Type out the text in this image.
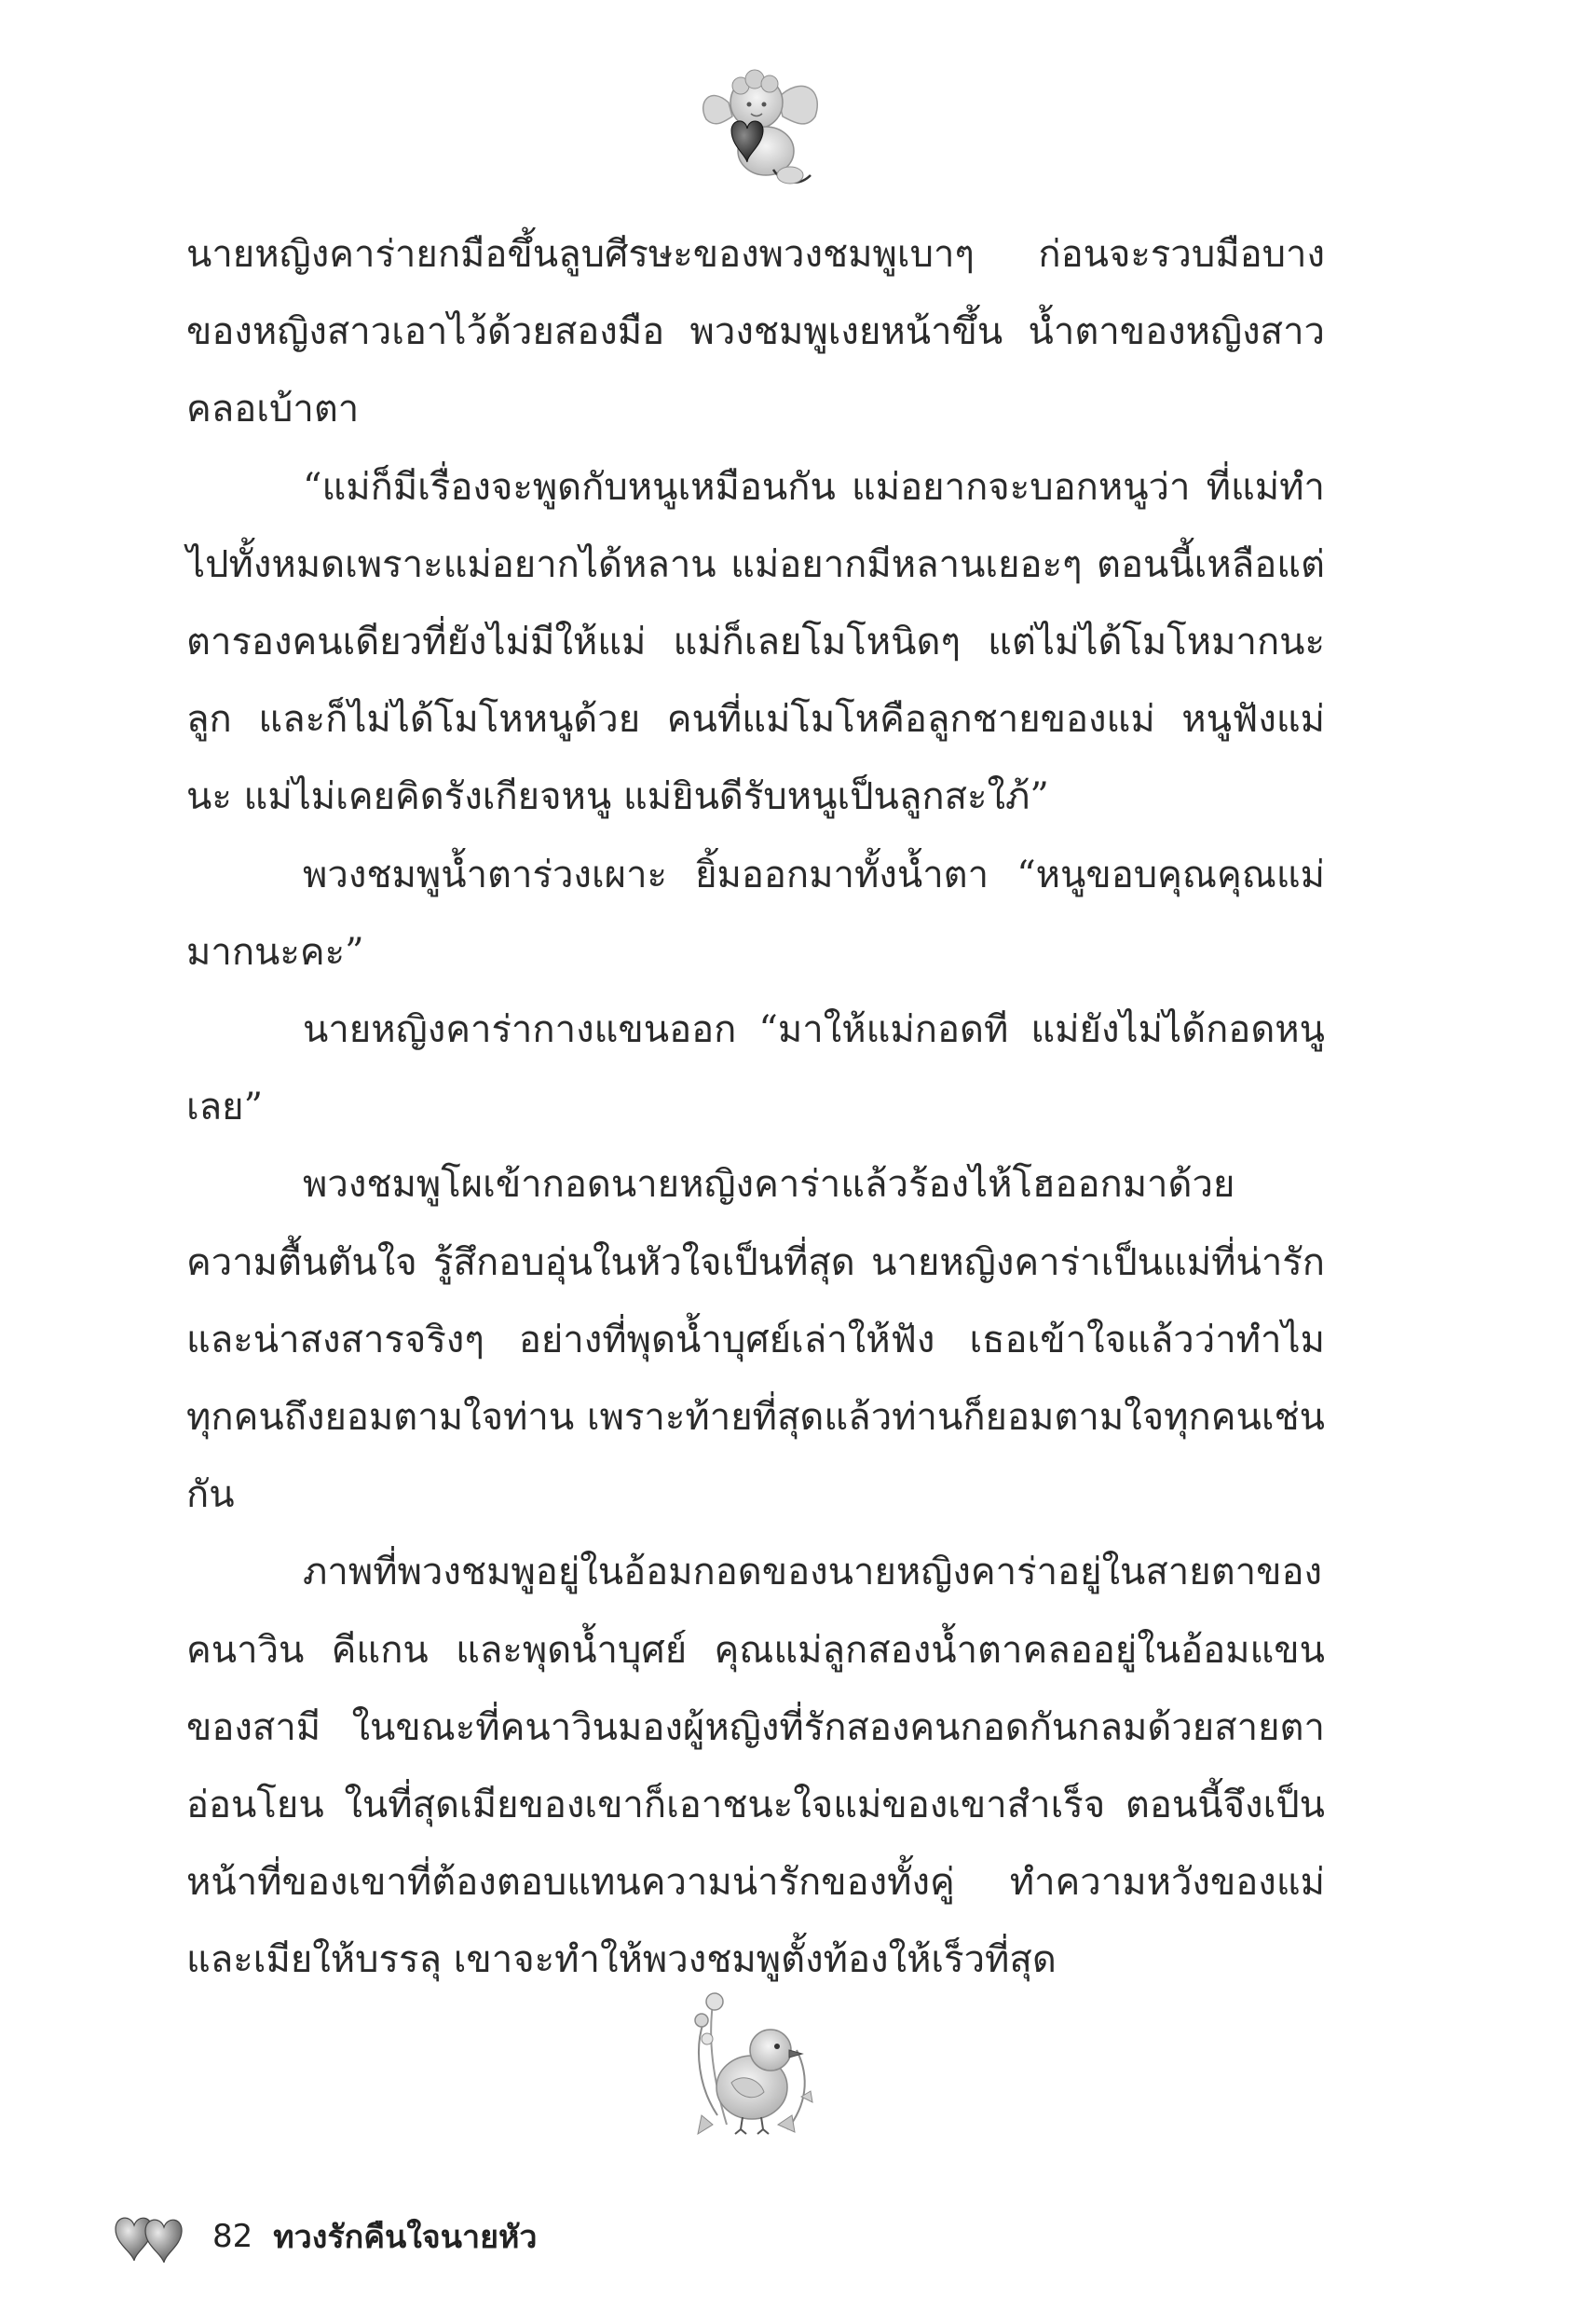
นายหญิงคาร่ายกมือขึ้นลูบศีรษะของพวงชมพูเบาๆ ก่อนจะรวบมือบางของหญิงสาวเอาไว้ด้วยสองมือ พวงชมพูเงยหน้าขึ้น น้ำตาของหญิงสาวคลอเบ้าตา

“แม่ก็มีเรื่องจะพูดกับหนูเหมือนกัน แม่อยากจะบอกหนูว่า ที่แม่ทำไปทั้งหมดเพราะแม่อยากได้หลาน แม่อยากมีหลานเยอะๆ ตอนนี้เหลือแต่ตารองคนเดียวที่ยังไม่มีให้แม่ แม่ก็เลยโมโหนิดๆ แต่ไม่ได้โมโหมากนะลูก และก็ไม่ได้โมโหหนูด้วย คนที่แม่โมโหคือลูกชายของแม่ หนูฟังแม่นะ แม่ไม่เคยคิดรังเกียจหนู แม่ยินดีรับหนูเป็นลูกสะใภ้”

พวงชมพูน้ำตาร่วงเผาะ ยิ้มออกมาทั้งน้ำตา “หนูขอบคุณคุณแม่มากนะคะ”

นายหญิงคาร่ากางแขนออก “มาให้แม่กอดที แม่ยังไม่ได้กอดหนูเลย”

พวงชมพูโผเข้ากอดนายหญิงคาร่าแล้วร้องไห้โฮออกมาด้วยความตื้นตันใจ รู้สึกอบอุ่นในหัวใจเป็นที่สุด นายหญิงคาร่าเป็นแม่ที่น่ารักและน่าสงสารจริงๆ อย่างที่พุดน้ำบุศย์เล่าให้ฟัง เธอเข้าใจแล้วว่าทำไมทุกคนถึงยอมตามใจท่าน เพราะท้ายที่สุดแล้วท่านก็ยอมตามใจทุกคนเช่นกัน

ภาพที่พวงชมพูอยู่ในอ้อมกอดของนายหญิงคาร่าอยู่ในสายตาของคนาวิน คีแกน และพุดน้ำบุศย์ คุณแม่ลูกสองน้ำตาคลออยู่ในอ้อมแขนของสามี ในขณะที่คนาวินมองผู้หญิงที่รักสองคนกอดกันกลมด้วยสายตาอ่อนโยน ในที่สุดเมียของเขาก็เอาชนะใจแม่ของเขาสำเร็จ ตอนนี้จึงเป็นหน้าที่ของเขาที่ต้องตอบแทนความน่ารักของทั้งคู่ ทำความหวังของแม่และเมียให้บรรลุ เขาจะทำให้พวงชมพูตั้งท้องให้เร็วที่สุด

82 ทวงรักคืนใจนายหัว
